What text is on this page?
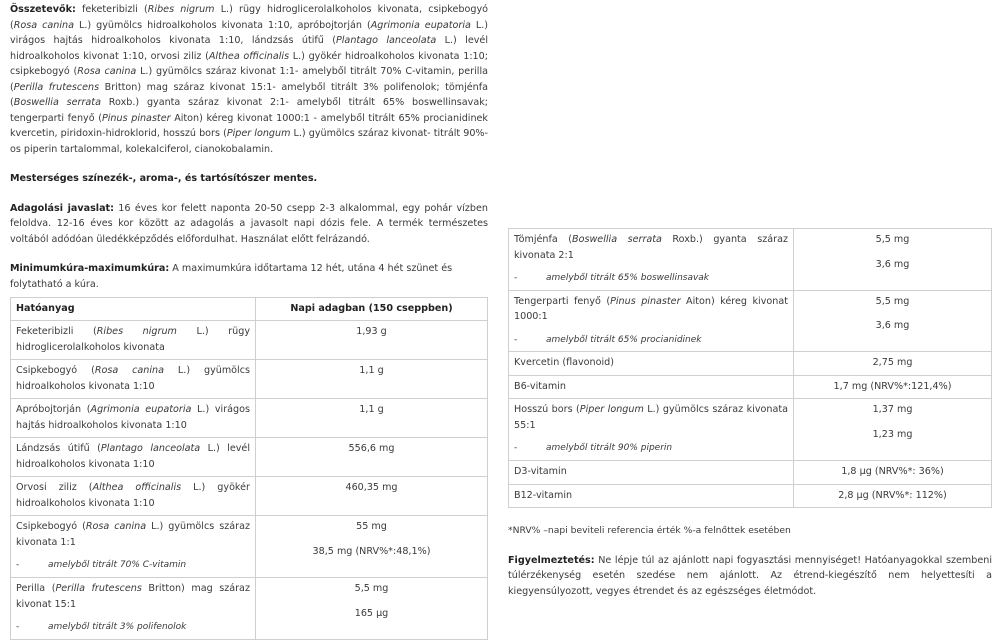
Összetevők: feketeribizli (Ribes nigrum L.) rügy hidroglicerolalkoholos kivonata, csipkebogyó (Rosa canina L.) gyümölcs hidroalkoholos kivonata 1:10, apróbojtorján (Agrimonia eupatoria L.) virágos hajtás hidroalkoholos kivonata 1:10, lándzsás útifű (Plantago lanceolata L.) levél hidroalkoholos kivonat 1:10, orvosi ziliz (Althea officinalis L.) gyökér hidroalkoholos kivonata 1:10; csipkebogyó (Rosa canina L.) gyümölcs száraz kivonat 1:1- amelyből titrált 70% C-vitamin, perilla (Perilla frutescens Britton) mag száraz kivonat 15:1- amelyből titrált 3% polifenolok; tömjénfa (Boswellia serrata Roxb.) gyanta száraz kivonat 2:1- amelyből titrált 65% boswellinsavak; tengerparti fenyő (Pinus pinaster Aiton) kéreg kivonat 1000:1 - amelyből titrált 65% procianidinek kvercetin, piridoxin-hidroklorid, hosszú bors (Piper longum L.) gyümölcs száraz kivonat- titrált 90%-os piperin tartalommal, kolekalciferol, cianokobalamin.
Mesterséges színezék-, aroma-, és tartósítószer mentes.
Adagolási javaslat: 16 éves kor felett naponta 20-50 csepp 2-3 alkalommal, egy pohár vízben feloldva. 12-16 éves kor között az adagolás a javasolt napi dózis fele. A termék természetes voltából adódóan üledékképződés előfordulhat. Használat előtt felrázandó.
Minimumkúra-maximumkúra: A maximumkúra időtartama 12 hét, utána 4 hét szünet és folytatható a kúra.
Hatóanyag	Napi adagban (150 cseppben)
Feketeribizli (Ribes nigrum L.) rügy hidroglicerolalkoholos kivonata	1,93 g

Csipkebogyó (Rosa canina L.) gyümölcs hidroalkoholos kivonata 1:10	1,1 g

Apróbojtorján (Agrimonia eupatoria L.) virágos hajtás hidroalkoholos kivonata 1:10	1,1 g

Lándzsás útifű (Plantago lanceolata L.) levél hidroalkoholos kivonata 1:10	556,6 mg

Orvosi ziliz (Althea officinalis L.) gyökér hidroalkoholos kivonata 1:10	460,35 mg

Csipkebogyó (Rosa canina L.) gyümölcs száraz kivonata 1:1
- amelyből titrált 70% C-vitamin	55 mg
38,5 mg (NRV%*:48,1%)

Perilla (Perilla frutescens Britton) mag száraz kivonat 15:1
- amelyből titrált 3% polifenolok	5,5 mg
165 μg
Tömjénfa (Boswellia serrata Roxb.) gyanta száraz kivonata 2:1
- amelyből titrált 65% boswellinsavak	5,5 mg
3,6 mg

Tengerparti fenyő (Pinus pinaster Aiton) kéreg kivonat 1000:1
- amelyből titrált 65% procianidinek	5,5 mg
3,6 mg

Kvercetin (flavonoid)	2,75 mg

B6-vitamin	1,7 mg (NRV%*:121,4%)

Hosszú bors (Piper longum L.) gyümölcs száraz kivonata 55:1
- amelyből titrált 90% piperin	1,37 mg
1,23 mg

D3-vitamin	1,8 μg (NRV%*: 36%)

B12-vitamin	2,8 μg (NRV%*: 112%)
*NRV% –napi beviteli referencia érték %-a felnőttek esetében
Figyelmeztetés: Ne lépje túl az ajánlott napi fogyasztási mennyiséget! Hatóanyagokkal szembeni túlérzékenység esetén szedése nem ajánlott. Az étrend-kiegészítő nem helyettesíti a kiegyensúlyozott, vegyes étrendet és az egészséges életmódot.
